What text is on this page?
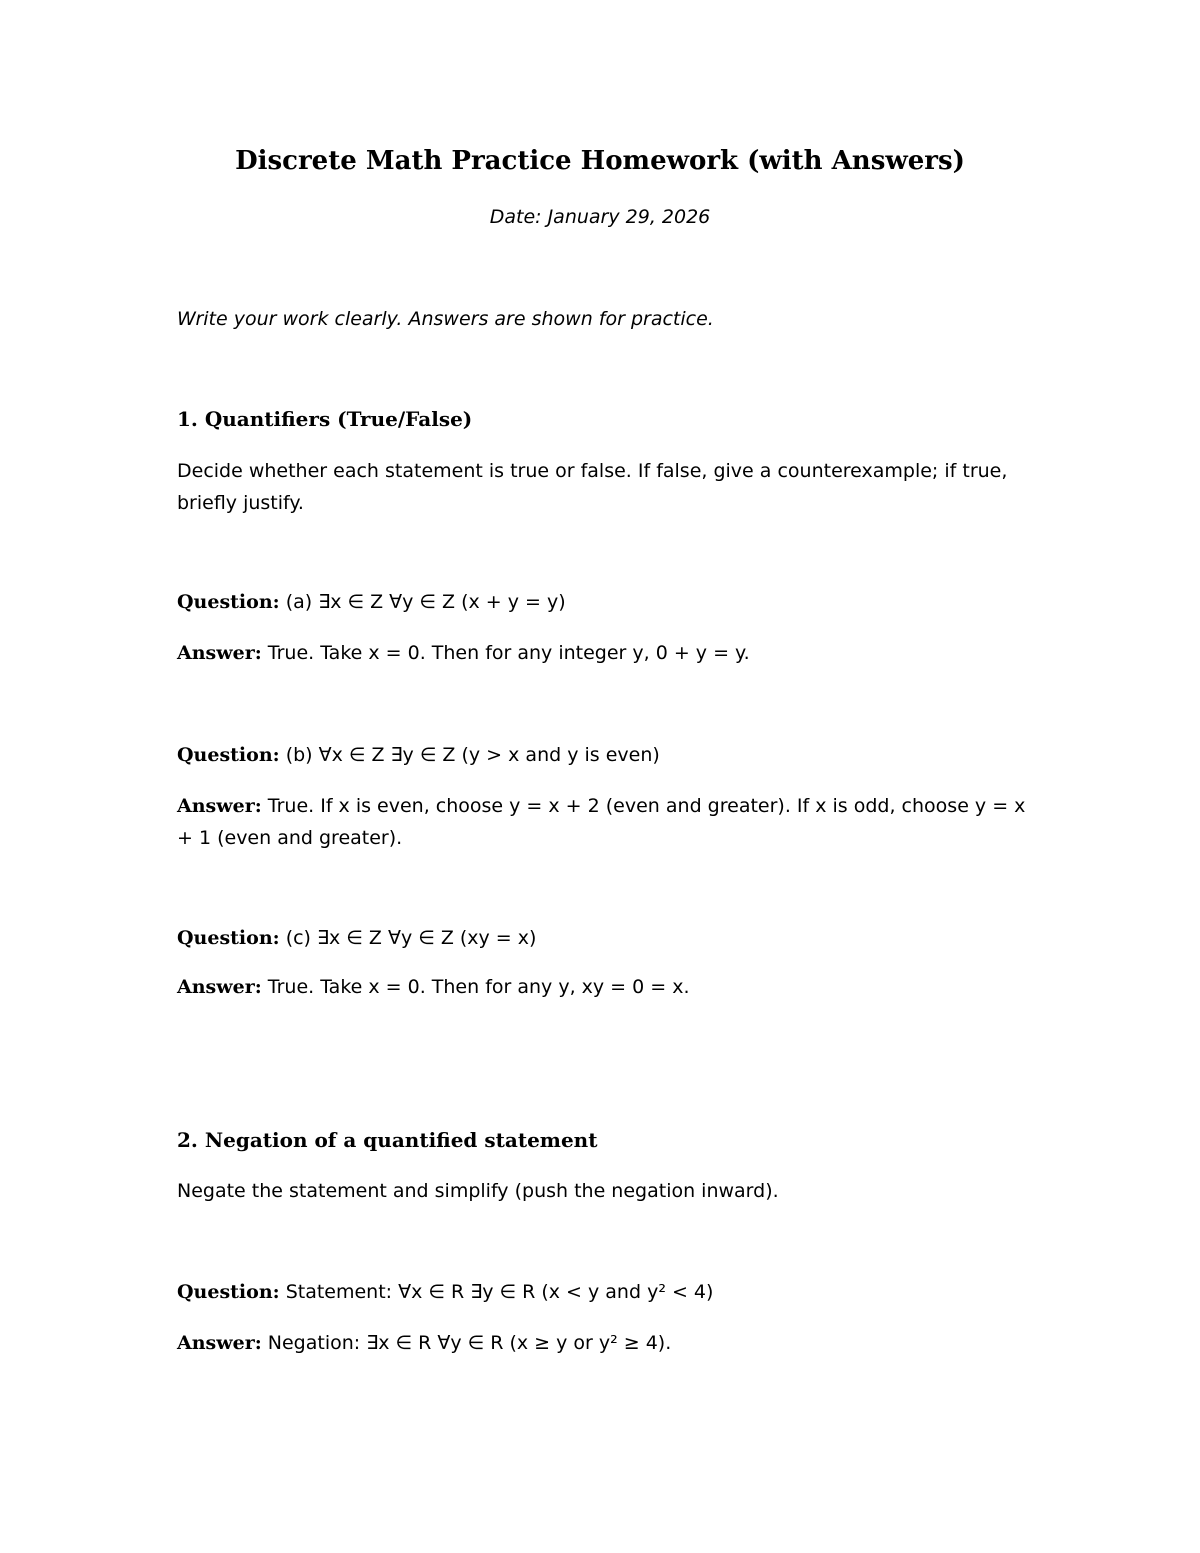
Discrete Math Practice Homework (with Answers)
Date: January 29, 2026
Write your work clearly. Answers are shown for practice.
1. Quantifiers (True/False)
Decide whether each statement is true or false. If false, give a counterexample; if true, briefly justify.
Question: (a) ∃x ∈ Z ∀y ∈ Z (x + y = y)
Answer: True. Take x = 0. Then for any integer y, 0 + y = y.
Question: (b) ∀x ∈ Z ∃y ∈ Z (y > x and y is even)
Answer: True. If x is even, choose y = x + 2 (even and greater). If x is odd, choose y = x + 1 (even and greater).
Question: (c) ∃x ∈ Z ∀y ∈ Z (xy = x)
Answer: True. Take x = 0. Then for any y, xy = 0 = x.
2. Negation of a quantified statement
Negate the statement and simplify (push the negation inward).
Question: Statement: ∀x ∈ R ∃y ∈ R (x < y and y² < 4)
Answer: Negation: ∃x ∈ R ∀y ∈ R (x ≥ y or y² ≥ 4).
